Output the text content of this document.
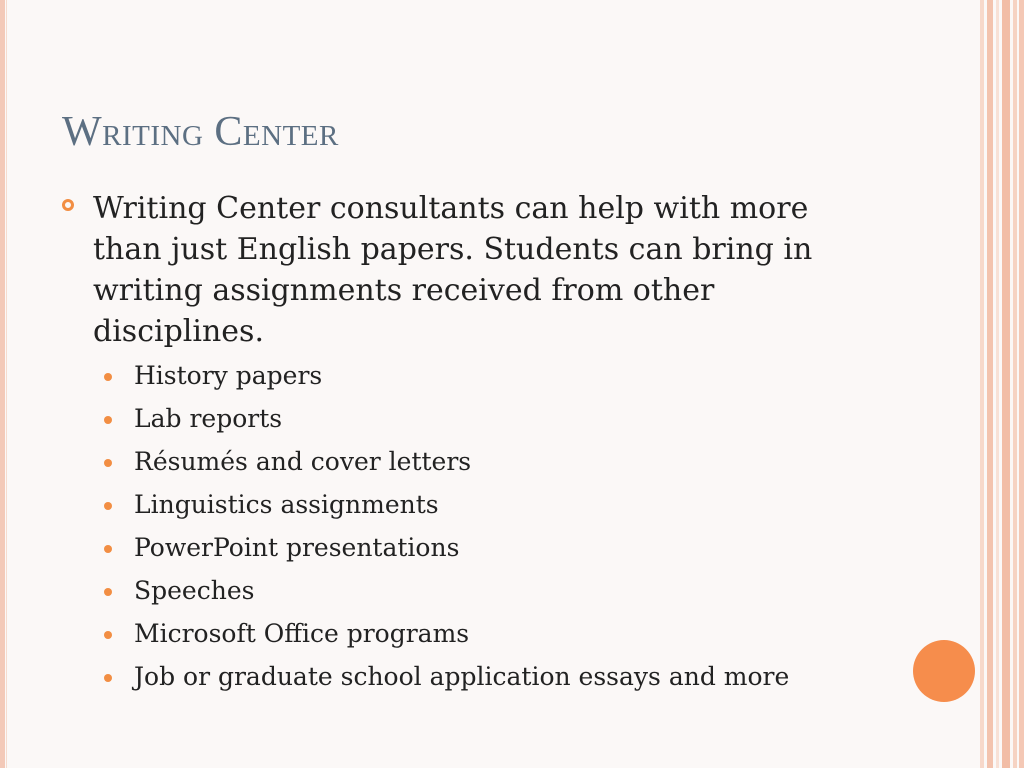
Writing Center
Writing Center consultants can help with more than just English papers. Students can bring in writing assignments received from other disciplines.
History papers
Lab reports
Résumés and cover letters
Linguistics assignments
PowerPoint presentations
Speeches
Microsoft Office programs
Job or graduate school application essays and more
